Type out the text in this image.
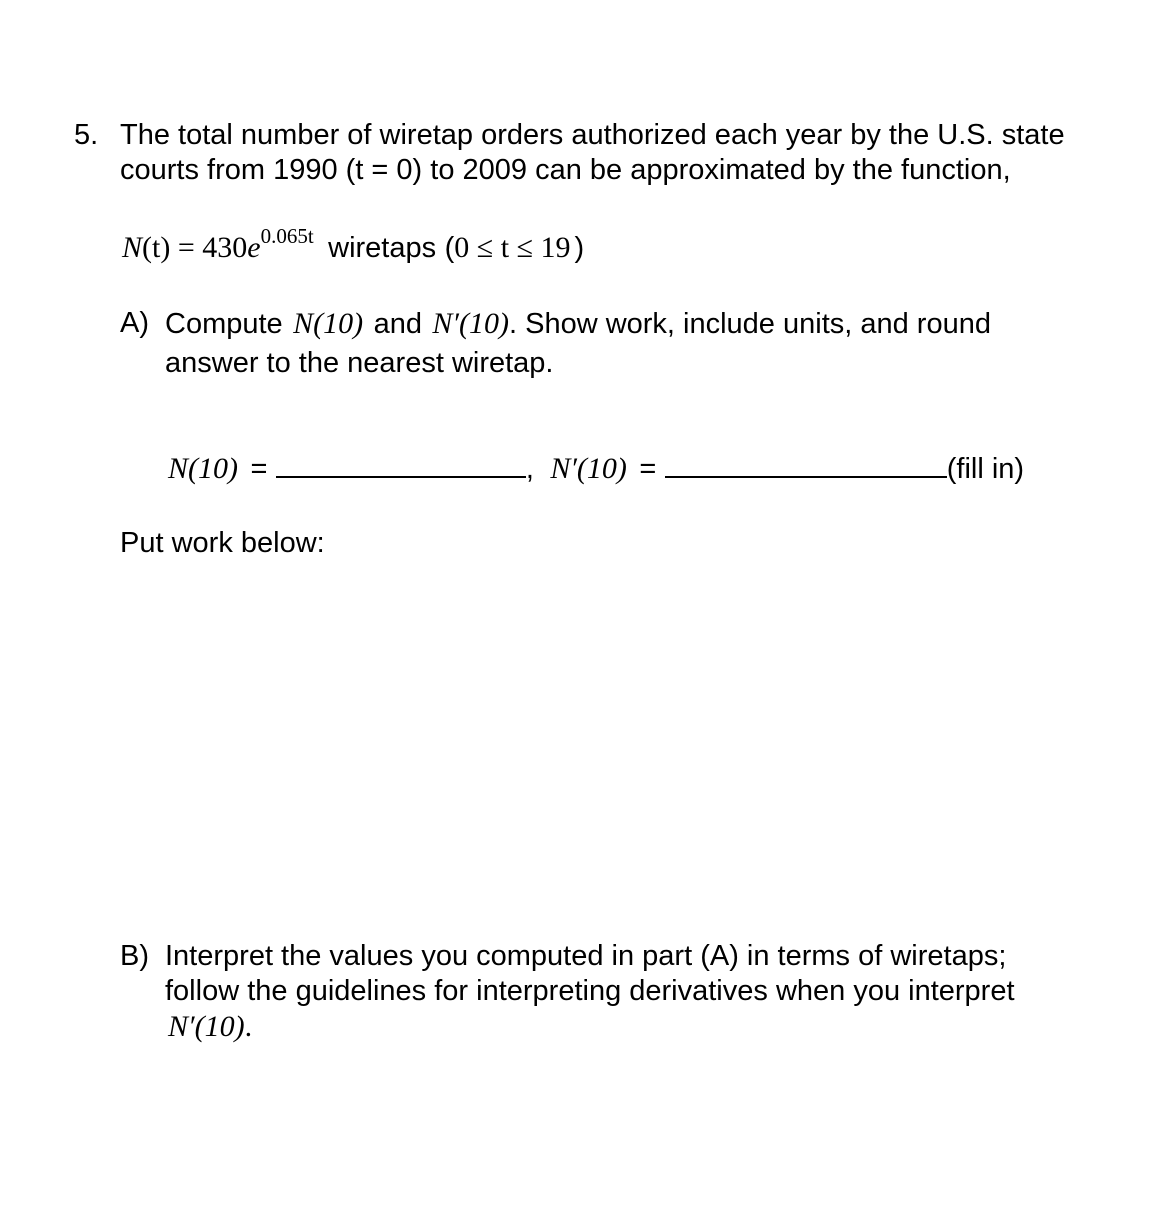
5. The total number of wiretap orders authorized each year by the U.S. state
courts from 1990 (t = 0) to 2009 can be approximated by the function,
N(t) = 430e0.065t wiretaps (0 ≤ t ≤ 19 )
A) Compute N(10) and N′(10). Show work, include units, and round
answer to the nearest wiretap.
N(10) =	, N′(10) =	(fill in)
Put work below:
B) Interpret the values you computed in part (A) in terms of wiretaps;
follow the guidelines for interpreting derivatives when you interpret
N′(10).
